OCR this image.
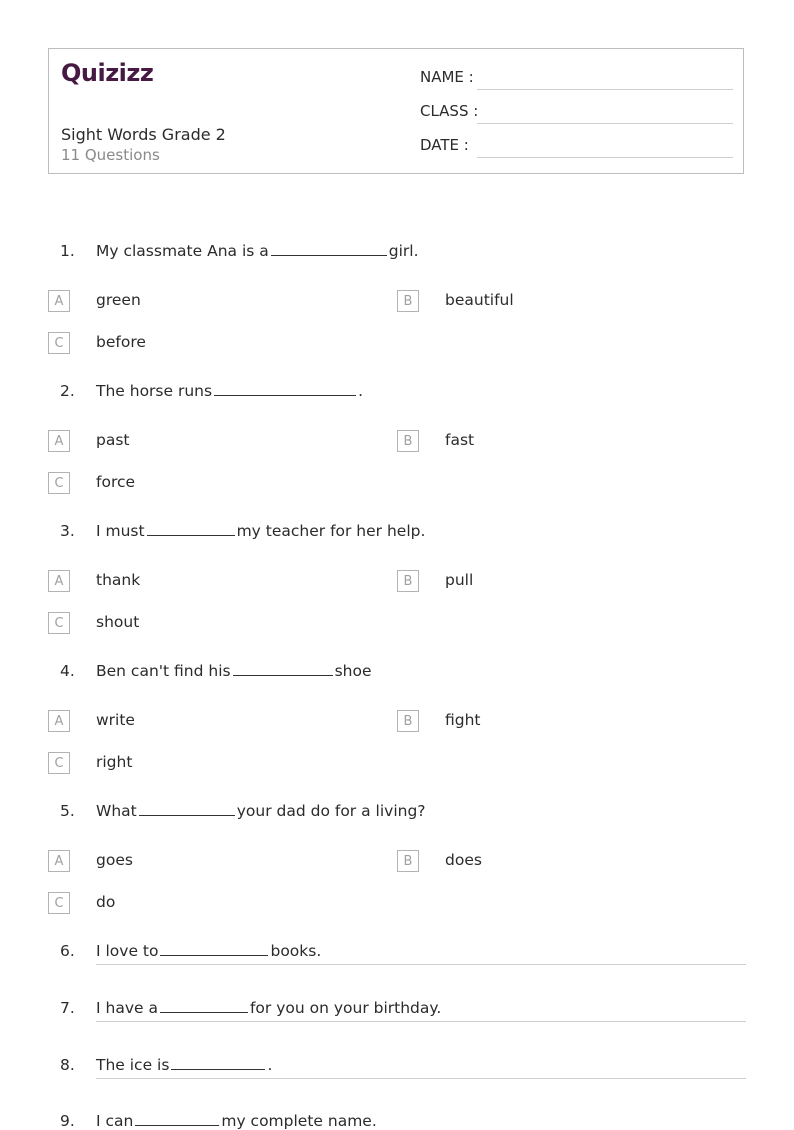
Quizizz
Sight Words Grade 2
11 Questions
NAME :
CLASS :
DATE :
1. My classmate Ana is a	girl.
A	green	B	beautiful
C	before
2. The horse runs	.
A	past	B	fast
C	force
3. I must	my teacher for her help.
A	thank	B	pull
C	shout
4. Ben can't find his	shoe
A	write	B	fight
C	right
5. What	your dad do for a living?
A	goes	B	does
C	do
6. I love to	books.
7. I have a	for you on your birthday.
8. The ice is	.
9. I can	my complete name.
